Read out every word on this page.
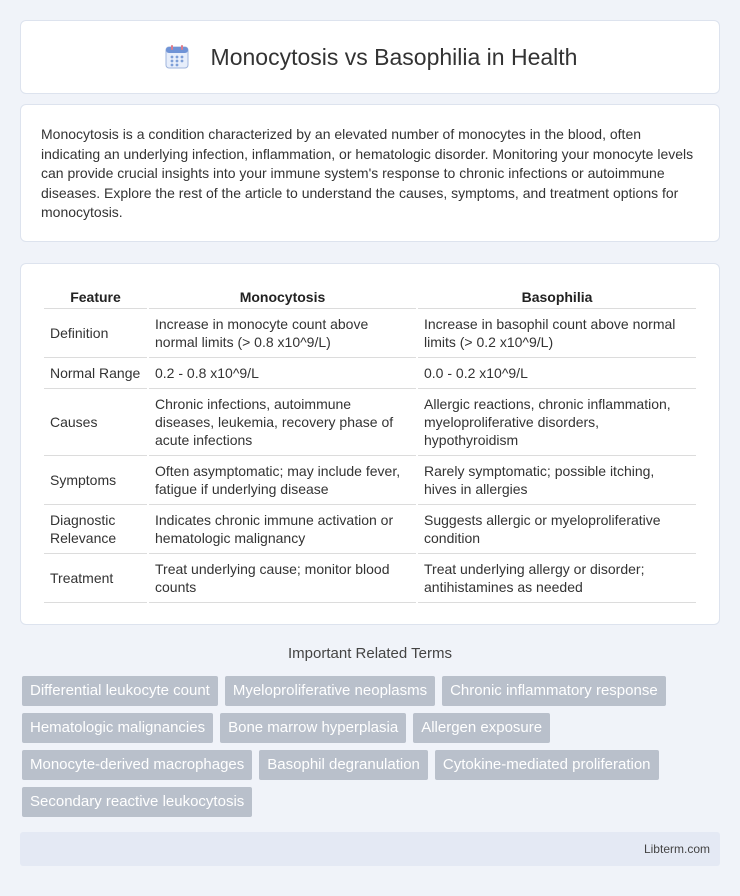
Monocytosis vs Basophilia in Health

Monocytosis is a condition characterized by an elevated number of monocytes in the blood, often indicating an underlying infection, inflammation, or hematologic disorder. Monitoring your monocyte levels can provide crucial insights into your immune system's response to chronic infections or autoimmune diseases. Explore the rest of the article to understand the causes, symptoms, and treatment options for monocytosis.

Feature	Monocytosis	Basophilia
Definition	Increase in monocyte count above normal limits (> 0.8 x10^9/L)	Increase in basophil count above normal limits (> 0.2 x10^9/L)
Normal Range	0.2 - 0.8 x10^9/L	0.0 - 0.2 x10^9/L
Causes	Chronic infections, autoimmune diseases, leukemia, recovery phase of acute infections	Allergic reactions, chronic inflammation, myeloproliferative disorders, hypothyroidism
Symptoms	Often asymptomatic; may include fever, fatigue if underlying disease	Rarely symptomatic; possible itching, hives in allergies
Diagnostic Relevance	Indicates chronic immune activation or hematologic malignancy	Suggests allergic or myeloproliferative condition
Treatment	Treat underlying cause; monitor blood counts	Treat underlying allergy or disorder; antihistamines as needed
Important Related Terms
Differential leukocyte count	Myeloproliferative neoplasms	Chronic inflammatory response
Hematologic malignancies	Bone marrow hyperplasia	Allergen exposure
Monocyte-derived macrophages	Basophil degranulation	Cytokine-mediated proliferation
Secondary reactive leukocytosis
Libterm.com
